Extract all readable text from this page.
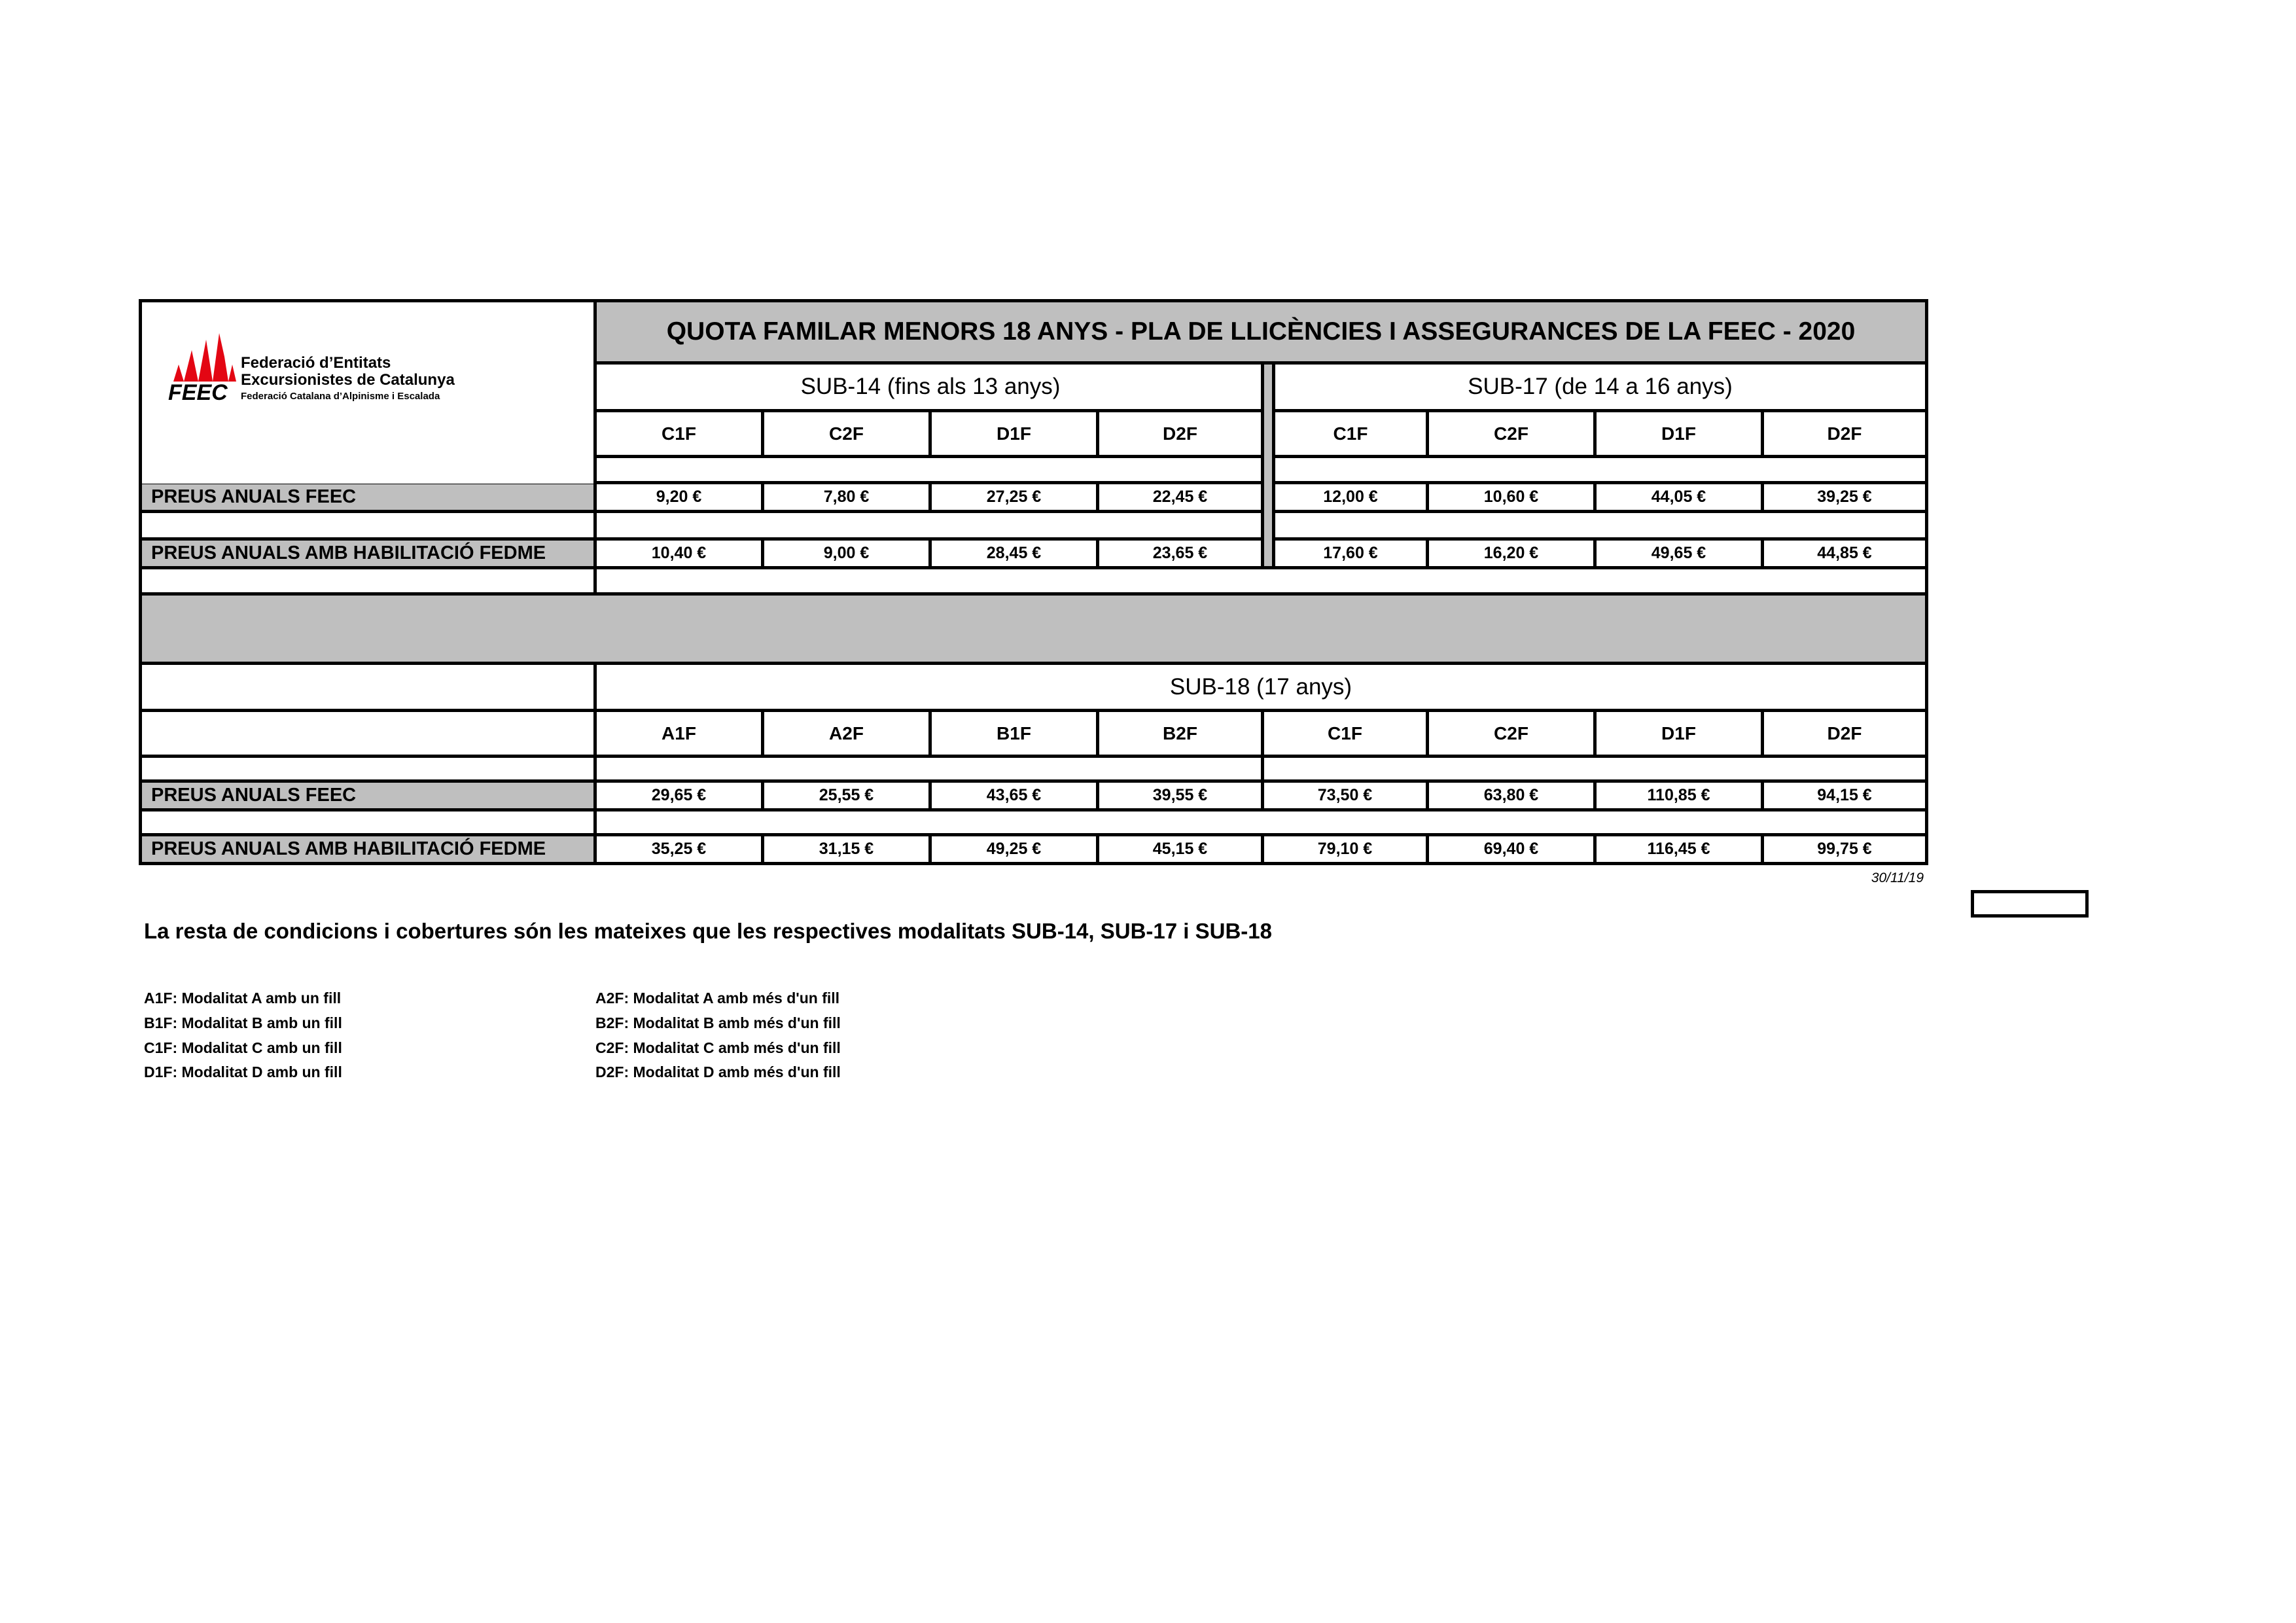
FEEC
Federació d’Entitats
Excursionistes de Catalunya
Federació Catalana d’Alpinisme i Escalada
QUOTA FAMILAR MENORS 18 ANYS - PLA DE LLICÈNCIES I ASSEGURANCES DE LA FEEC - 2020
SUB-14 (fins als 13 anys)	SUB-17 (de 14 a 16 anys)
C1F	C2F	D1F	D2F	C1F	C2F	D1F	D2F
PREUS ANUALS FEEC	9,20 €	7,80 €	27,25 €	22,45 €	12,00 €	10,60 €	44,05 €	39,25 €
PREUS ANUALS AMB HABILITACIÓ FEDME	10,40 €	9,00 €	28,45 €	23,65 €	17,60 €	16,20 €	49,65 €	44,85 €
SUB-18 (17 anys)
A1F	A2F	B1F	B2F	C1F	C2F	D1F	D2F
PREUS ANUALS FEEC	29,65 €	25,55 €	43,65 €	39,55 €	73,50 €	63,80 €	110,85 €	94,15 €
PREUS ANUALS AMB HABILITACIÓ FEDME	35,25 €	31,15 €	49,25 €	45,15 €	79,10 €	69,40 €	116,45 €	99,75 €
30/11/19
La resta de condicions i cobertures són les mateixes que les respectives modalitats SUB-14, SUB-17 i SUB-18
A1F: Modalitat A amb un fill
B1F: Modalitat B amb un fill
C1F: Modalitat C amb un fill
D1F: Modalitat D amb un fill
A2F: Modalitat A amb més d'un fill
B2F: Modalitat B amb més d'un fill
C2F: Modalitat C amb més d'un fill
D2F: Modalitat D amb més d'un fill
